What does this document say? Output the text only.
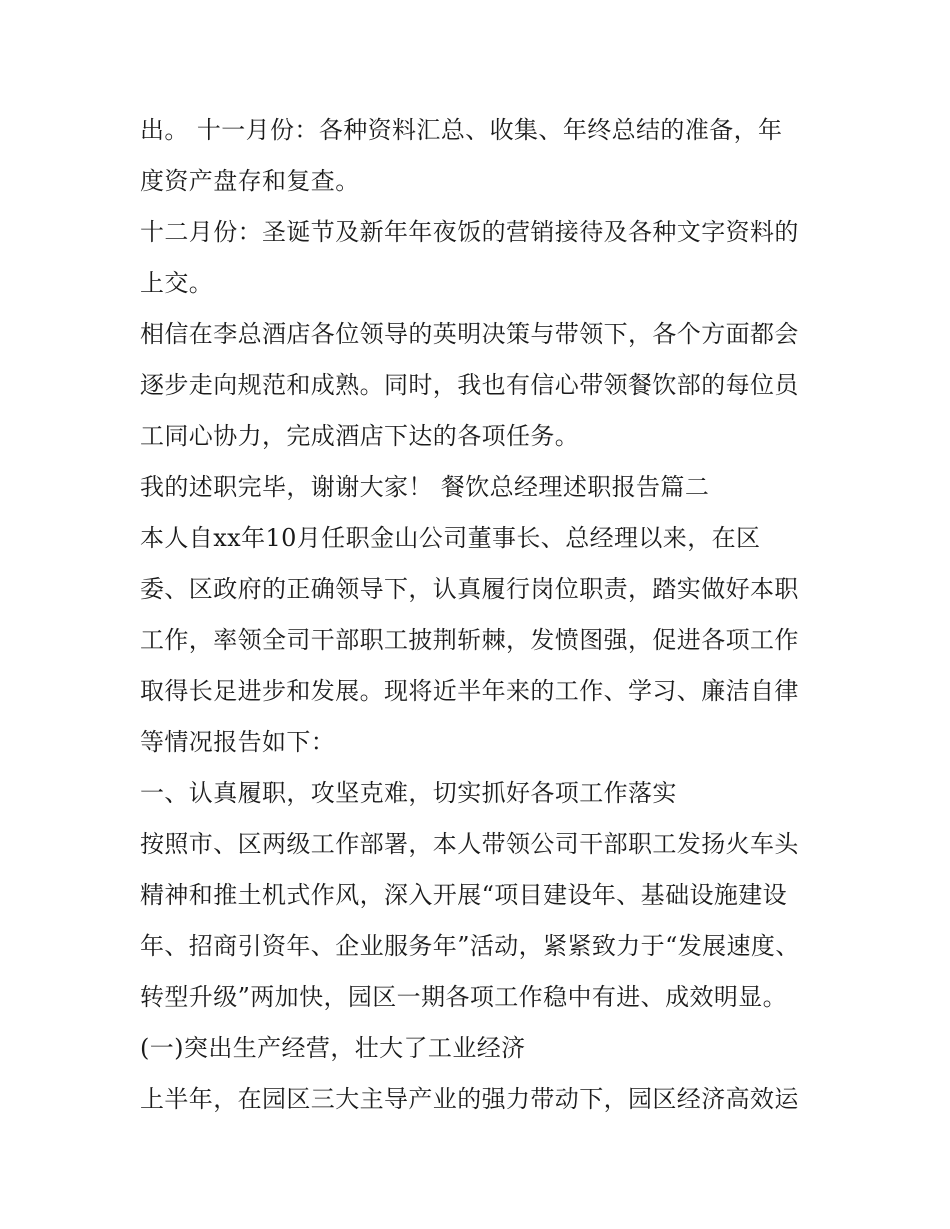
出。 十一月份：各种资料汇总、收集、年终总结的准备，年
度资产盘存和复查。
十二月份：圣诞节及新年年夜饭的营销接待及各种文字资料的
上交。
相信在李总酒店各位领导的英明决策与带领下，各个方面都会
逐步走向规范和成熟。同时，我也有信心带领餐饮部的每位员
工同心协力，完成酒店下达的各项任务。
我的述职完毕，谢谢大家！ 餐饮总经理述职报告篇二
本人自xx年10月任职金山公司董事长、总经理以来，在区
委、区政府的正确领导下，认真履行岗位职责，踏实做好本职
工作，率领全司干部职工披荆斩棘，发愤图强，促进各项工作
取得长足进步和发展。现将近半年来的工作、学习、廉洁自律
等情况报告如下：
一、认真履职，攻坚克难，切实抓好各项工作落实
按照市、区两级工作部署，本人带领公司干部职工发扬火车头
精神和推土机式作风，深入开展“项目建设年、基础设施建设
年、招商引资年、企业服务年”活动，紧紧致力于“发展速度、
转型升级”两加快，园区一期各项工作稳中有进、成效明显。
(一)突出生产经营，壮大了工业经济
上半年，在园区三大主导产业的强力带动下，园区经济高效运
